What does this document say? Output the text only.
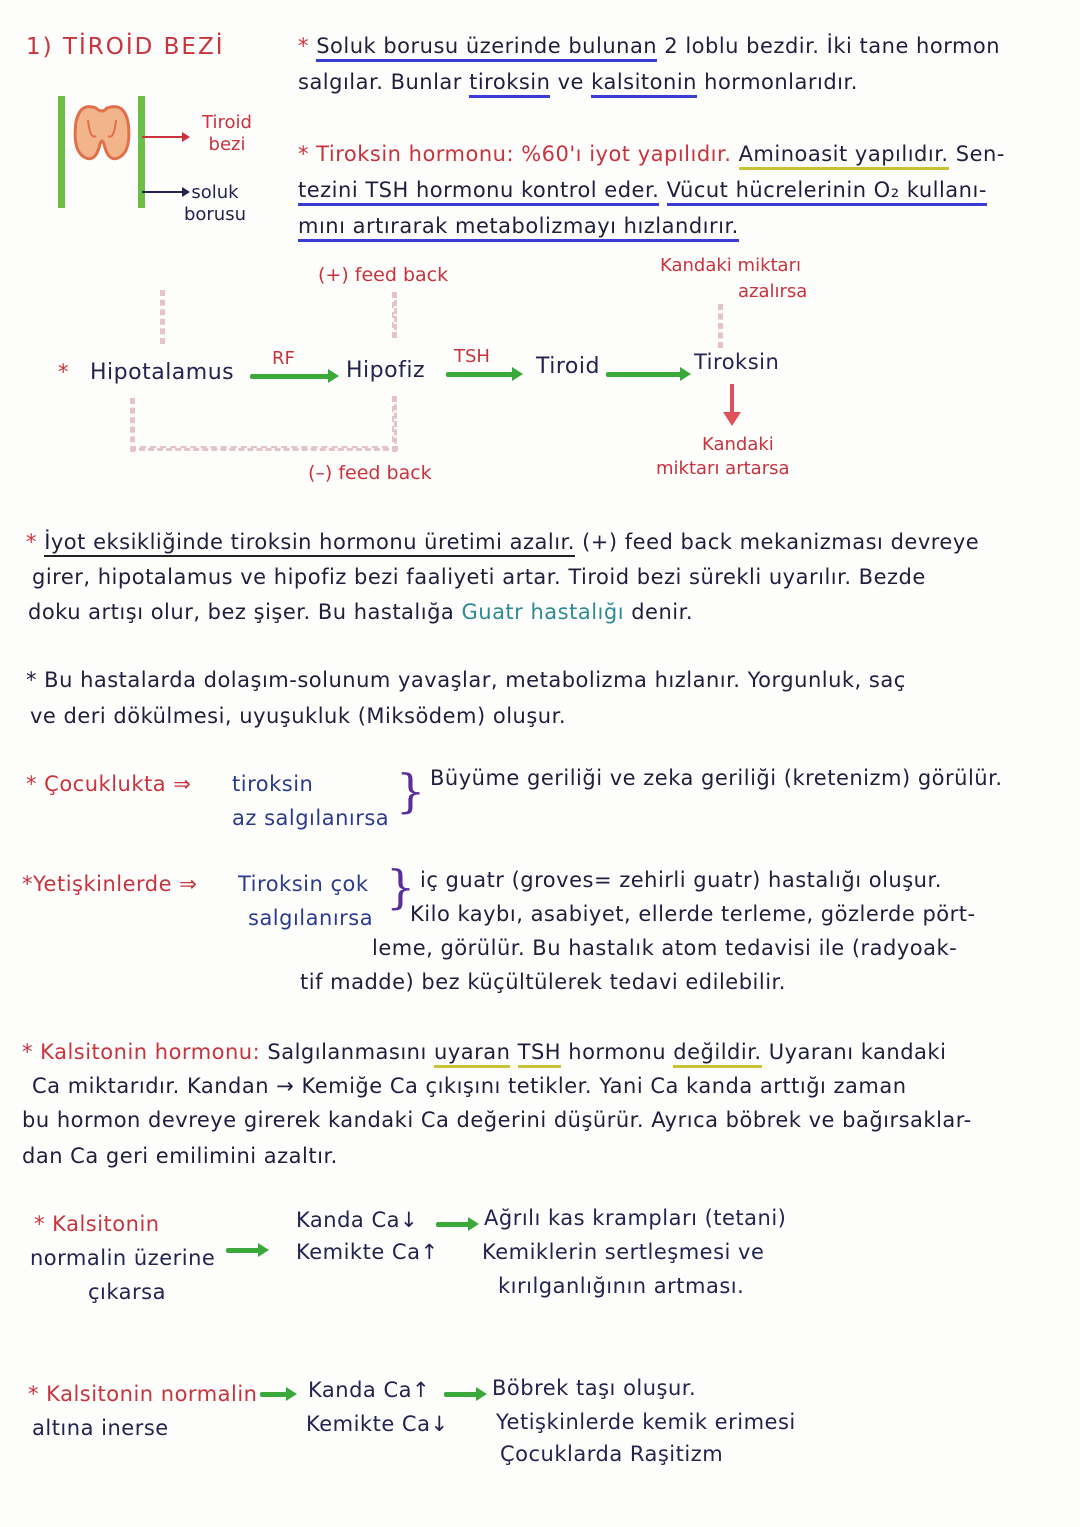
1) TİROİD BEZİ
Tiroid bezi
soluk borusu
* Soluk borusu üzerinde bulunan 2 loblu bezdir. İki tane hormon
salgılar. Bunlar tiroksin ve kalsitonin hormonlarıdır.
* Tiroksin hormonu: %60'ı iyot yapılıdır. Aminoasit yapılıdır. Sen-
tezini TSH hormonu kontrol eder. Vücut hücrelerinin O₂ kullanı-
mını artırarak metabolizmayı hızlandırır.
(+) feed back	Kandaki miktarı
azalırsa
* Hipotalamus
RF Hipofiz
TSH Tiroid	Tiroksin
Kandaki
miktarı artarsa
(–) feed back
* İyot eksikliğinde tiroksin hormonu üretimi azalır. (+) feed back mekanizması devreye
girer, hipotalamus ve hipofiz bezi faaliyeti artar. Tiroid bezi sürekli uyarılır. Bezde
doku artışı olur, bez şişer. Bu hastalığa Guatr hastalığı denir.
* Bu hastalarda dolaşım-solunum yavaşlar, metabolizma hızlanır. Yorgunluk, saç
ve deri dökülmesi, uyuşukluk (Miksödem) oluşur.
* Çocuklukta ⇒ tiroksin
az salgılanırsa } Büyüme geriliği ve zeka geriliği (kretenizm) görülür.
*Yetişkinlerde ⇒ Tiroksin çok
salgılanırsa
} iç guatr (groves= zehirli guatr) hastalığı oluşur.
Kilo kaybı, asabiyet, ellerde terleme, gözlerde pört-
leme, görülür. Bu hastalık atom tedavisi ile (radyoak-
tif madde) bez küçültülerek tedavi edilebilir.
* Kalsitonin hormonu: Salgılanmasını uyaran TSH hormonu değildir. Uyaranı kandaki
Ca miktarıdır. Kandan → Kemiğe Ca çıkışını tetikler. Yani Ca kanda arttığı zaman
bu hormon devreye girerek kandaki Ca değerini düşürür. Ayrıca böbrek ve bağırsaklar-
dan Ca geri emilimini azaltır.
* Kalsitonin
normalin üzerine
çıkarsa
Kanda Ca↓
Kemikte Ca↑
Ağrılı kas krampları (tetani)
Kemiklerin sertleşmesi ve
kırılganlığının artması.
* Kalsitonin normalin
altına inerse
Kanda Ca↑
Kemikte Ca↓
Böbrek taşı oluşur.
Yetişkinlerde kemik erimesi
Çocuklarda Raşitizm
